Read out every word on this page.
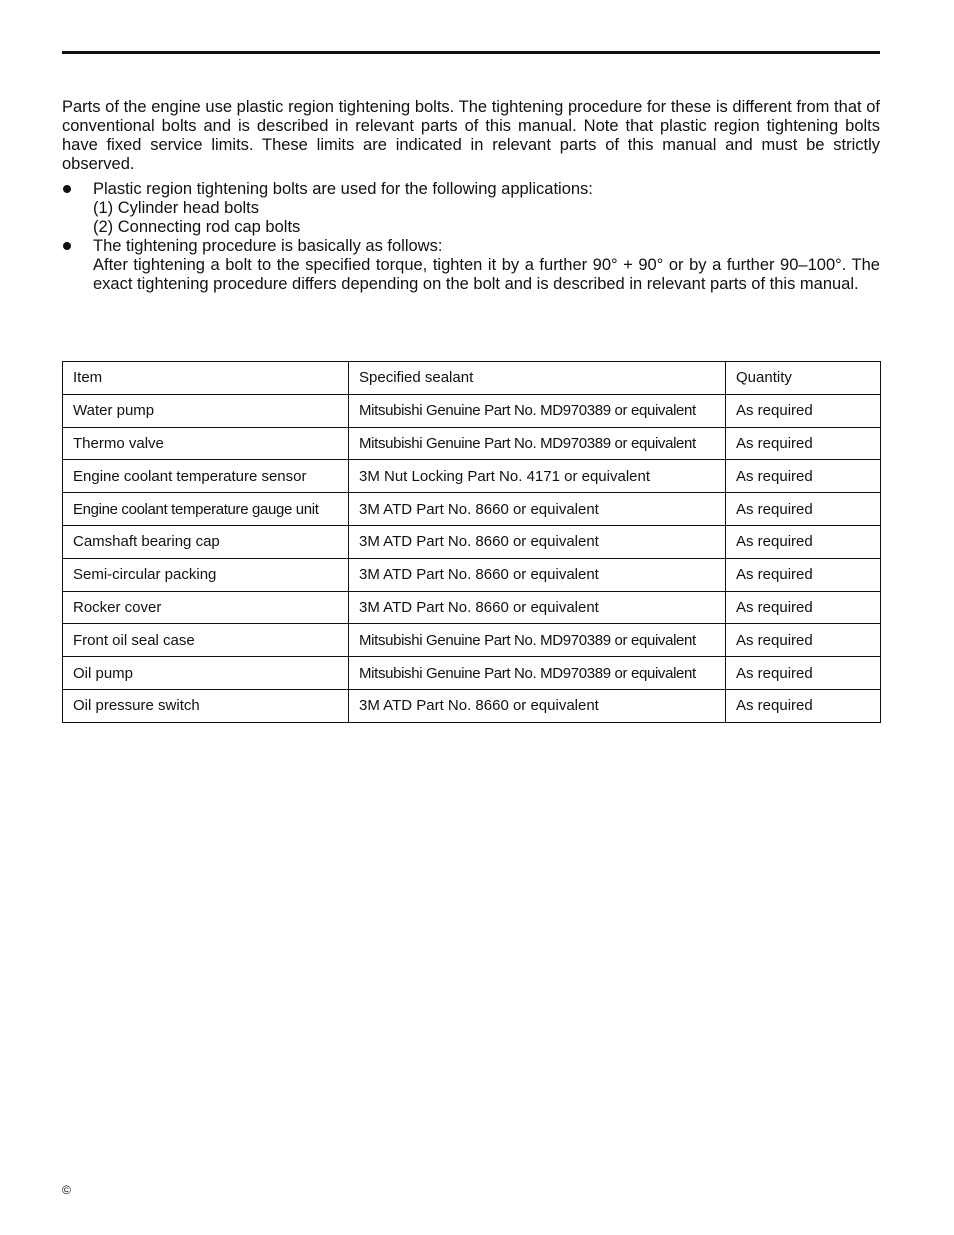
Parts of the engine use plastic region tightening bolts. The tightening procedure for these is different from that of conventional bolts and is described in relevant parts of this manual. Note that plastic region tightening bolts have fixed service limits. These limits are indicated in relevant parts of this manual and must be strictly observed.

Plastic region tightening bolts are used for the following applications:
(1) Cylinder head bolts
(2) Connecting rod cap bolts
The tightening procedure is basically as follows:
After tightening a bolt to the specified torque, tighten it by a further 90° + 90° or by a further 90–100°. The exact tightening procedure differs depending on the bolt and is described in relevant parts of this manual.
Item	Specified sealant	Quantity
Water pump	Mitsubishi Genuine Part No. MD970389 or equivalent	As required
Thermo valve	Mitsubishi Genuine Part No. MD970389 or equivalent	As required
Engine coolant temperature sensor	3M Nut Locking Part No. 4171 or equivalent	As required
Engine coolant temperature gauge unit	3M ATD Part No. 8660 or equivalent	As required
Camshaft bearing cap	3M ATD Part No. 8660 or equivalent	As required
Semi-circular packing	3M ATD Part No. 8660 or equivalent	As required
Rocker cover	3M ATD Part No. 8660 or equivalent	As required
Front oil seal case	Mitsubishi Genuine Part No. MD970389 or equivalent	As required
Oil pump	Mitsubishi Genuine Part No. MD970389 or equivalent	As required
Oil pressure switch	3M ATD Part No. 8660 or equivalent	As required
©
